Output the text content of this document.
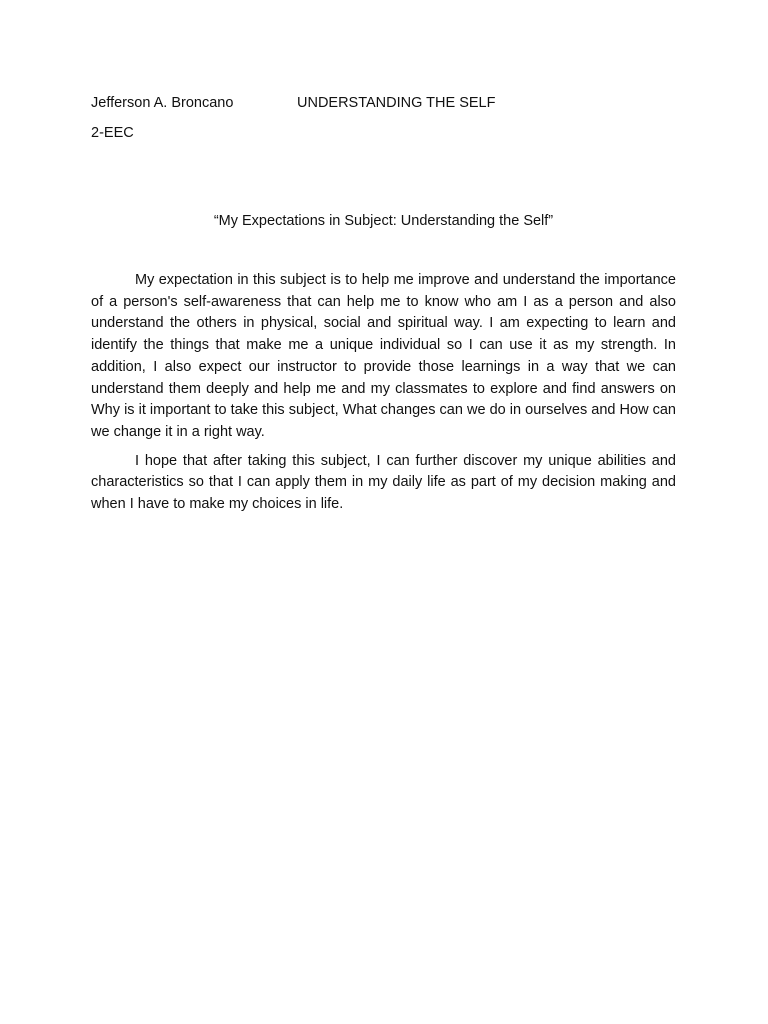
Jefferson A. Broncano	UNDERSTANDING THE SELF
2-EEC
“My Expectations in Subject: Understanding the Self”

My expectation in this subject is to help me improve and understand the importance of a person's self-awareness that can help me to know who am I as a person and also understand the others in physical, social and spiritual way. I am expecting to learn and identify the things that make me a unique individual so I can use it as my strength. In addition, I also expect our instructor to provide those learnings in a way that we can understand them deeply and help me and my classmates to explore and find answers on Why is it important to take this subject, What changes can we do in ourselves and How can we change it in a right way.

I hope that after taking this subject, I can further discover my unique abilities and characteristics so that I can apply them in my daily life as part of my decision making and when I have to make my choices in life.
